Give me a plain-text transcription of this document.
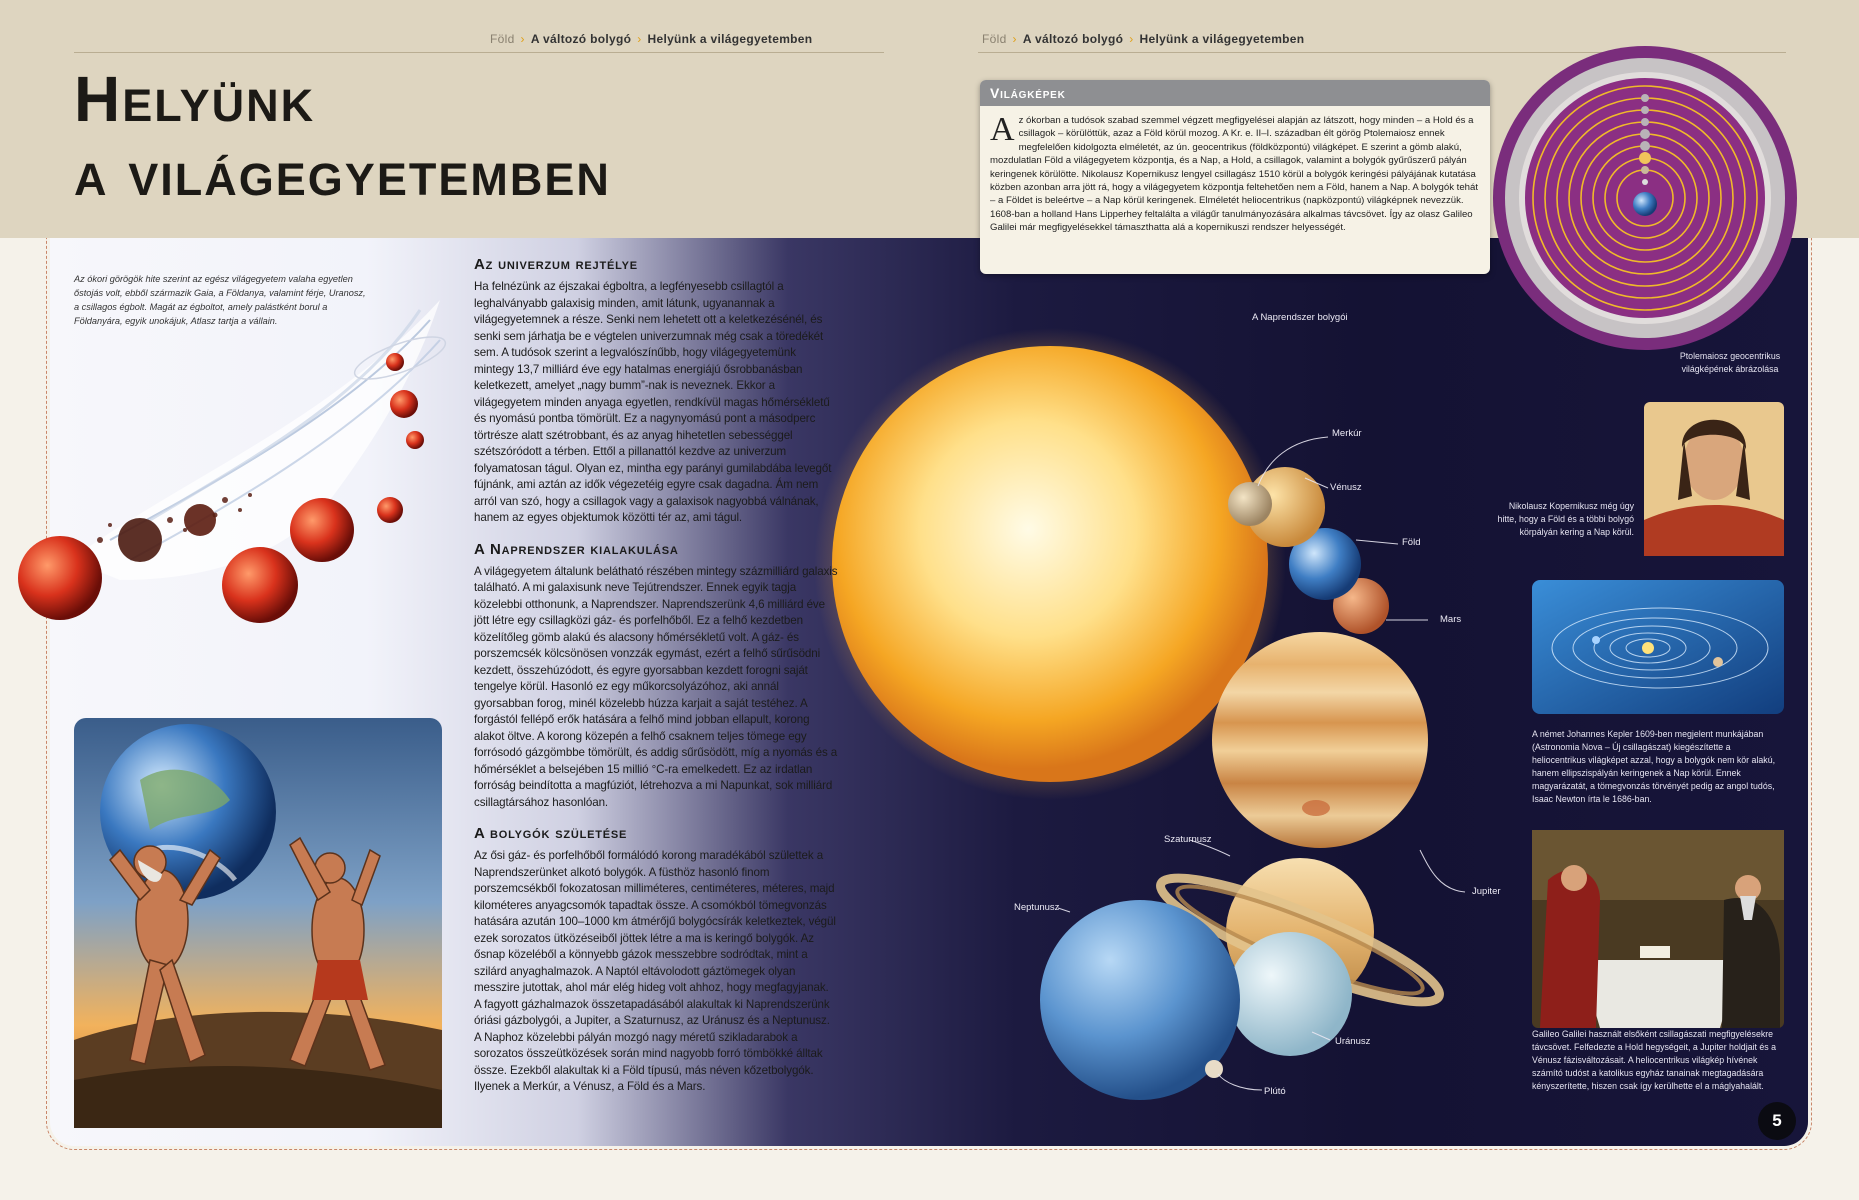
Föld › A változó bolygó › Helyünk a világegyetemben	Föld › A változó bolygó › Helyünk a világegyetemben
Helyünk
a világegyetemben
Az ókori görögök hite szerint az egész világegyetem valaha egyetlen őstojás volt, ebből származik Gaia, a Földanya, valamint férje, Uranosz, a csillagos égbolt. Magát az égboltot, amely palástként borul a Földanyára, egyik unokájuk, Atlasz tartja a vállain.
Az univerzum rejtélye

Ha felnézünk az éjszakai égboltra, a legfényesebb csillagtól a leghalványabb galaxisig minden, amit látunk, ugyanannak a világegyetemnek a része. Senki nem lehetett ott a keletkezésénél, és senki sem járhatja be e végtelen univerzumnak még csak a töredékét sem. A tudósok szerint a legvalószínűbb, hogy világegyetemünk mintegy 13,7 milliárd éve egy hatalmas energiájú ősrobbanásban keletkezett, amelyet „nagy bumm”-nak is neveznek. Ekkor a világegyetem minden anyaga egyetlen, rendkívül magas hőmérsékletű és nyomású pontba tömörült. Ez a nagynyomású pont a másodperc törtrésze alatt szétrobbant, és az anyag hihetetlen sebességgel szétszóródott a térben. Ettől a pillanattól kezdve az univerzum folyamatosan tágul. Olyan ez, mintha egy parányi gumilabdába levegőt fújnánk, ami aztán az idők végezetéig egyre csak dagadna. Ám nem arról van szó, hogy a csillagok vagy a galaxisok nagyobbá válnának, hanem az egyes objektumok közötti tér az, ami tágul.

A Naprendszer kialakulása

A világegyetem általunk belátható részében mintegy százmilliárd galaxis található. A mi galaxisunk neve Tejútrendszer. Ennek egyik tagja közelebbi otthonunk, a Naprendszer. Naprendszerünk 4,6 milliárd éve jött létre egy csillagközi gáz- és porfelhőből. Ez a felhő kezdetben közelítőleg gömb alakú és alacsony hőmérsékletű volt. A gáz- és porszemcsék kölcsönösen vonzzák egymást, ezért a felhő sűrűsödni kezdett, összehúzódott, és egyre gyorsabban kezdett forogni saját tengelye körül. Hasonló ez egy műkorcsolyázóhoz, aki annál gyorsabban forog, minél közelebb húzza karjait a saját testéhez. A forgástól fellépő erők hatására a felhő mind jobban ellapult, korong alakot öltve. A korong közepén a felhő csaknem teljes tömege egy forrósodó gázgömbbe tömörült, és addig sűrűsödött, míg a nyomás és a hőmérséklet a belsejében 15 millió °C-ra emelkedett. Ez az irdatlan forróság beindította a magfúziót, létrehozva a mi Napunkat, sok milliárd csillagtársához hasonlóan.

A bolygók születése

Az ősi gáz- és porfelhőből formálódó korong maradékából születtek a Naprendszerünket alkotó bolygók. A füsthöz hasonló finom porszemcsékből fokozatosan milliméteres, centiméteres, méteres, majd kilométeres anyagcsomók tapadtak össze. A csomókból tömegvonzás hatására azután 100–1000 km átmérőjű bolygócsírák keletkeztek, végül ezek sorozatos ütközéseiből jöttek létre a ma is keringő bolygók. Az ősnap közeléből a könnyebb gázok messzebbre sodródtak, mint a szilárd anyaghalmazok. A Naptól eltávolodott gáztömegek olyan messzire jutottak, ahol már elég hideg volt ahhoz, hogy megfagyjanak. A fagyott gázhalmazok összetapadásából alakultak ki Naprendszerünk óriási gázbolygói, a Jupiter, a Szaturnusz, az Uránusz és a Neptunusz. A Naphoz közelebbi pályán mozgó nagy méretű szikladarabok a sorozatos összeütközések során mind nagyobb forró tömbökké álltak össze. Ezekből alakultak ki a Föld típusú, más néven kőzetbolygók. Ilyenek a Merkúr, a Vénusz, a Föld és a Mars.

Világképek
Az ókorban a tudósok szabad szemmel végzett megfigyelései alapján az látszott, hogy minden – a Hold és a csillagok – körülöttük, azaz a Föld körül mozog. A Kr. e. II–I. században élt görög Ptolemaiosz ennek megfelelően kidolgozta elméletét, az ún. geocentrikus (földközpontú) világképet. E szerint a gömb alakú, mozdulatlan Föld a világegyetem központja, és a Nap, a Hold, a csillagok, valamint a bolygók gyűrűszerű pályán keringenek körülötte. Nikolausz Kopernikusz lengyel csillagász 1510 körül a bolygók keringési pályájának kutatása közben azonban arra jött rá, hogy a világegyetem központja feltehetően nem a Föld, hanem a Nap. A bolygók tehát – a Földet is beleértve – a Nap körül keringenek. Elméletét heliocentrikus (napközpontú) világképnek nevezzük. 1608-ban a holland Hans Lipperhey feltalálta a világűr tanulmányozására alkalmas távcsövet. Így az olasz Galileo Galilei már megfigyelésekkel támaszthatta alá a kopernikuszi rendszer helyességét.
A Naprendszer bolygói
Merkúr
Vénusz
Föld
Mars
Jupiter
Szaturnusz
Uránusz
Neptunusz
Plútó
Ptolemaiosz geocentrikus világképének ábrázolása
Nikolausz Kopernikusz még úgy hitte, hogy a Föld és a többi bolygó körpályán kering a Nap körül.
A német Johannes Kepler 1609-ben megjelent munkájában (Astronomia Nova – Új csillagászat) kiegészítette a heliocentrikus világképet azzal, hogy a bolygók nem kör alakú, hanem ellipszispályán keringenek a Nap körül. Ennek magyarázatát, a tömegvonzás törvényét pedig az angol tudós, Isaac Newton írta le 1686-ban.
Galileo Galilei használt elsőként csillagászati megfigyelésekre távcsövet. Felfedezte a Hold hegységeit, a Jupiter holdjait és a Vénusz fázisváltozásait. A heliocentrikus világkép hívének számító tudóst a katolikus egyház tanainak megtagadására kényszerítette, hiszen csak így kerülhette el a máglyahalált.
5
